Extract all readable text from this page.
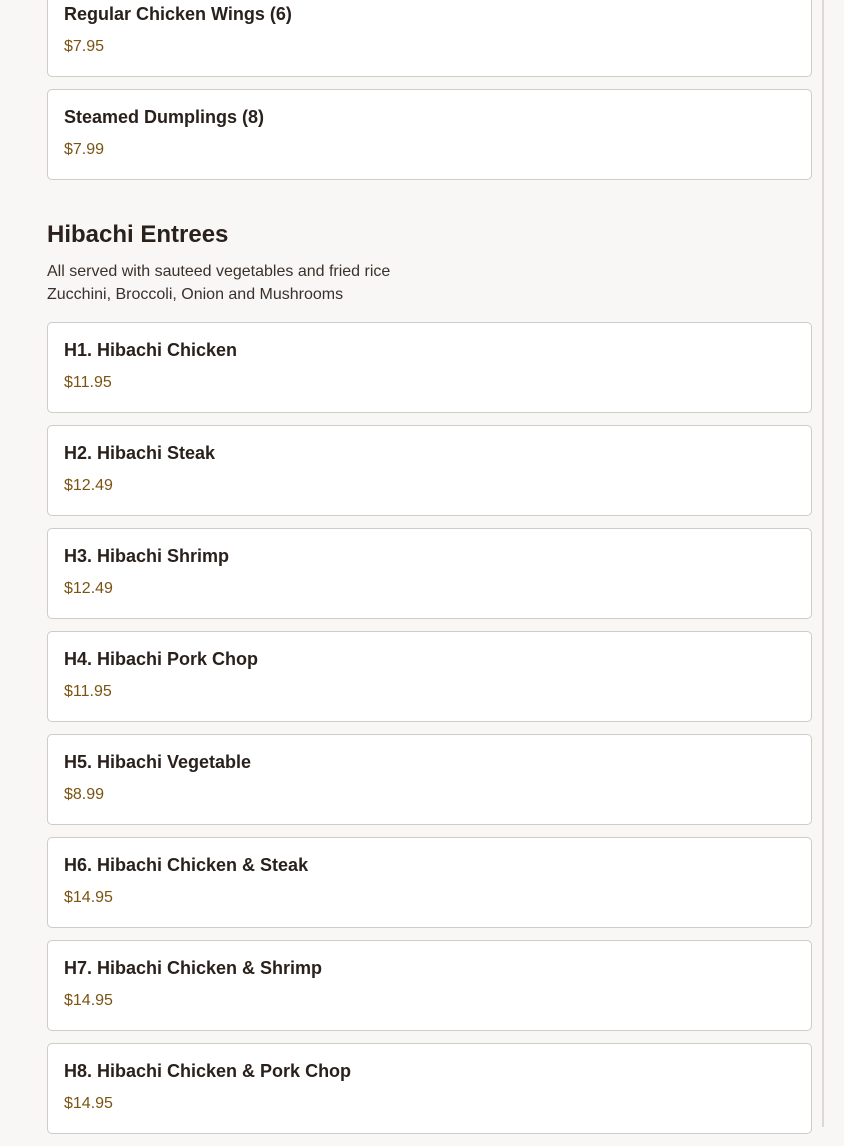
Regular Chicken Wings (6)
$7.95
Steamed Dumplings (8)
$7.99
Hibachi Entrees
All served with sauteed vegetables and fried rice
Zucchini, Broccoli, Onion and Mushrooms
H1. Hibachi Chicken
$11.95
H2. Hibachi Steak
$12.49
H3. Hibachi Shrimp
$12.49
H4. Hibachi Pork Chop
$11.95
H5. Hibachi Vegetable
$8.99
H6. Hibachi Chicken & Steak
$14.95
H7. Hibachi Chicken & Shrimp
$14.95
H8. Hibachi Chicken & Pork Chop
$14.95
